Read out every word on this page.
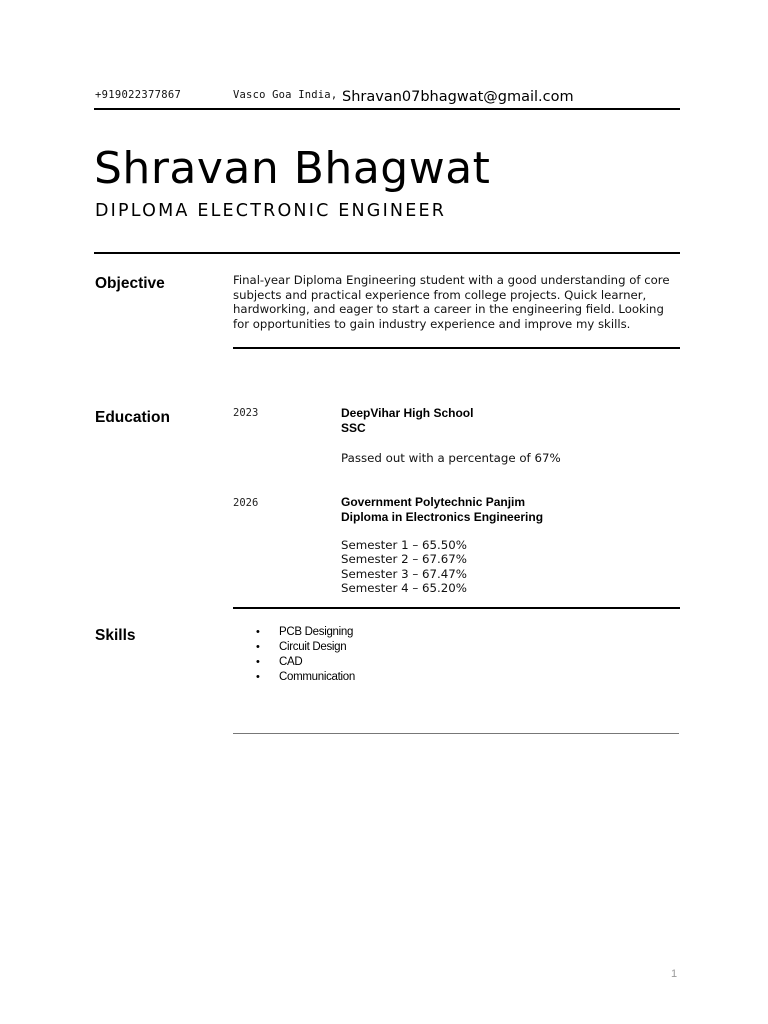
+919022377867	Vasco Goa India, Shravan07bhagwat@gmail.com
Shravan Bhagwat
DIPLOMA ELECTRONIC ENGINEER
Objective	Final-year Diploma Engineering student with a good understanding of core subjects and practical experience from college projects. Quick learner, hardworking, and eager to start a career in the engineering field. Looking for opportunities to gain industry experience and improve my skills.
Education	2023	DeepVihar High School
SSC
Passed out with a percentage of 67%
2026	Government Polytechnic Panjim
Diploma in Electronics Engineering
Semester 1 – 65.50%
Semester 2 – 67.67%
Semester 3 – 67.47%
Semester 4 – 65.20%
Skills	• PCB Designing
• Circuit Design
• CAD
• Communication
1
